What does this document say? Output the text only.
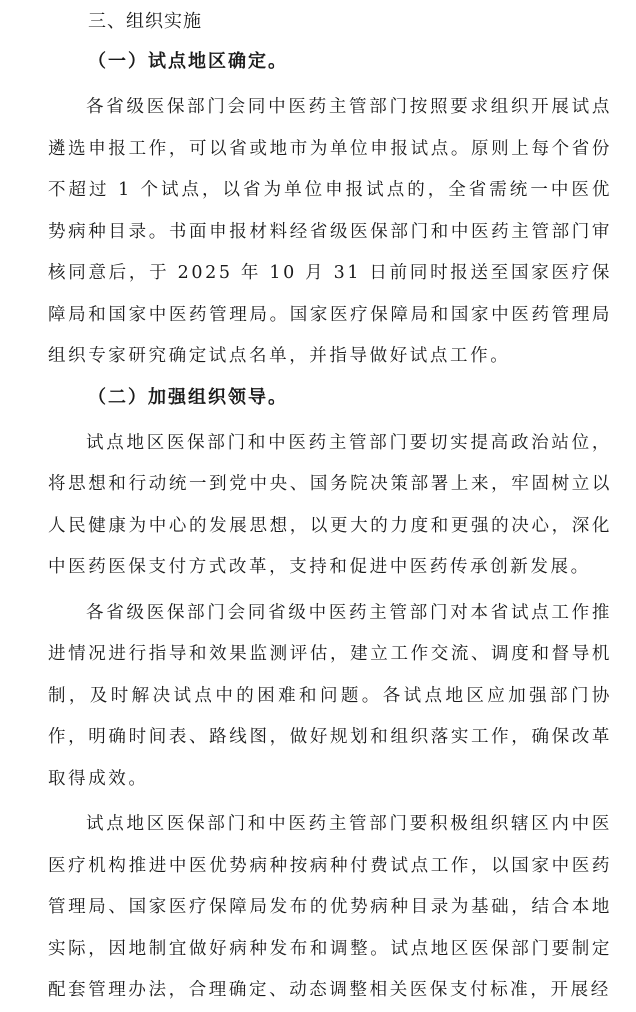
三、组织实施
（一）试点地区确定。

各省级医保部门会同中医药主管部门按照要求组织开展试点遴选申报工作，可以省或地市为单位申报试点。原则上每个省份不超过 1 个试点，以省为单位申报试点的，全省需统一中医优势病种目录。书面申报材料经省级医保部门和中医药主管部门审核同意后，于 2025 年 10 月 31 日前同时报送至国家医疗保障局和国家中医药管理局。国家医疗保障局和国家中医药管理局组织专家研究确定试点名单，并指导做好试点工作。

（二）加强组织领导。

试点地区医保部门和中医药主管部门要切实提高政治站位，将思想和行动统一到党中央、国务院决策部署上来，牢固树立以人民健康为中心的发展思想，以更大的力度和更强的决心，深化中医药医保支付方式改革，支持和促进中医药传承创新发展。

各省级医保部门会同省级中医药主管部门对本省试点工作推进情况进行指导和效果监测评估，建立工作交流、调度和督导机制，及时解决试点中的困难和问题。各试点地区应加强部门协作，明确时间表、路线图，做好规划和组织落实工作，确保改革取得成效。

试点地区医保部门和中医药主管部门要积极组织辖区内中医医疗机构推进中医优势病种按病种付费试点工作，以国家中医药管理局、国家医疗保障局发布的优势病种目录为基础，结合本地实际，因地制宜做好病种发布和调整。试点地区医保部门要制定配套管理办法，合理确定、动态调整相关医保支付标准，开展经
